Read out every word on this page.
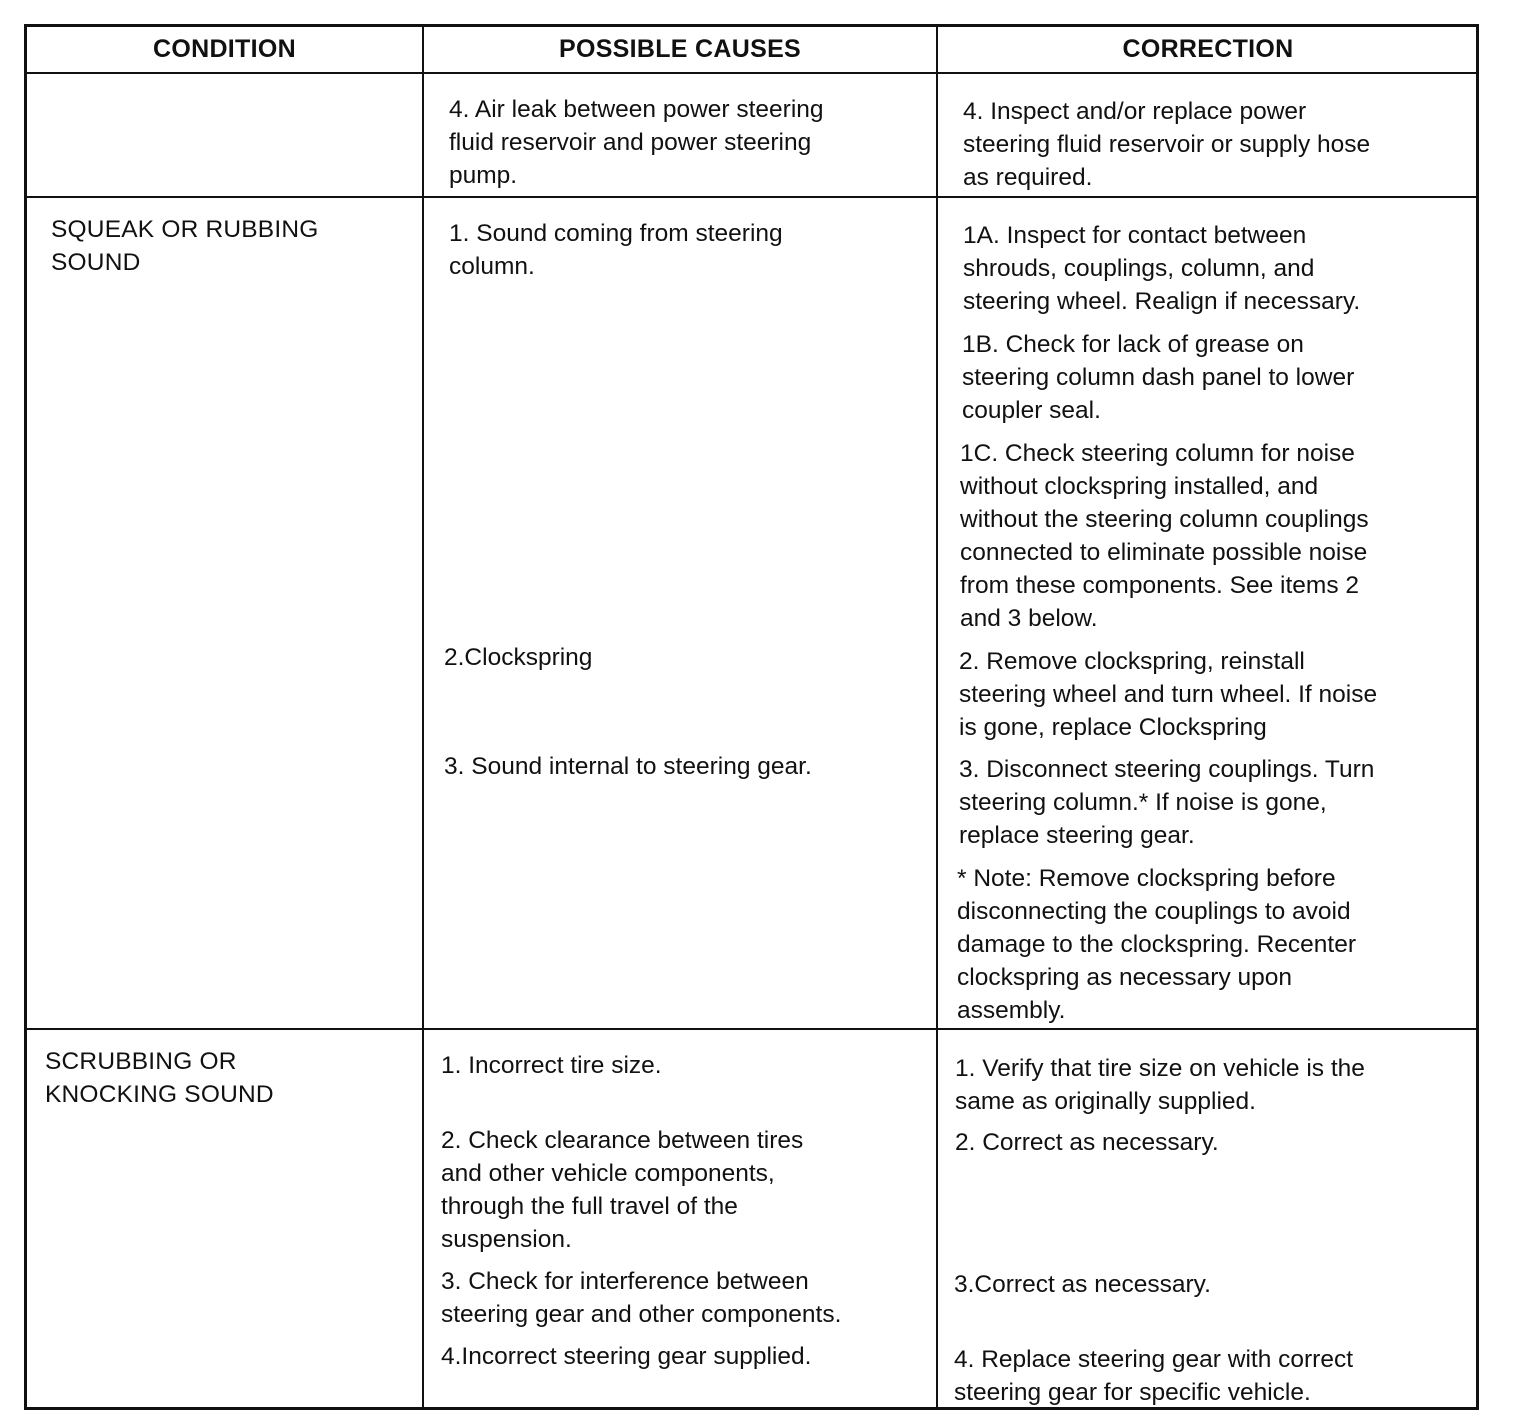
CONDITION	POSSIBLE CAUSES	CORRECTION
4. Air leak between power steering
fluid reservoir and power steering
pump.
4. Inspect and/or replace power
steering fluid reservoir or supply hose
as required.
SQUEAK OR RUBBING
SOUND
1. Sound coming from steering
column.
2.Clockspring
3. Sound internal to steering gear.
1A. Inspect for contact between
shrouds, couplings, column, and
steering wheel. Realign if necessary.
1B. Check for lack of grease on
steering column dash panel to lower
coupler seal.
1C. Check steering column for noise
without clockspring installed, and
without the steering column couplings
connected to eliminate possible noise
from these components. See items 2
and 3 below.
2. Remove clockspring, reinstall
steering wheel and turn wheel. If noise
is gone, replace Clockspring
3. Disconnect steering couplings. Turn
steering column.* If noise is gone,
replace steering gear.
* Note: Remove clockspring before
disconnecting the couplings to avoid
damage to the clockspring. Recenter
clockspring as necessary upon
assembly.
SCRUBBING OR
KNOCKING SOUND
1. Incorrect tire size.
2. Check clearance between tires
and other vehicle components,
through the full travel of the
suspension.
3. Check for interference between
steering gear and other components.
4.Incorrect steering gear supplied.
1. Verify that tire size on vehicle is the
same as originally supplied.
2. Correct as necessary.
3.Correct as necessary.
4. Replace steering gear with correct
steering gear for specific vehicle.
